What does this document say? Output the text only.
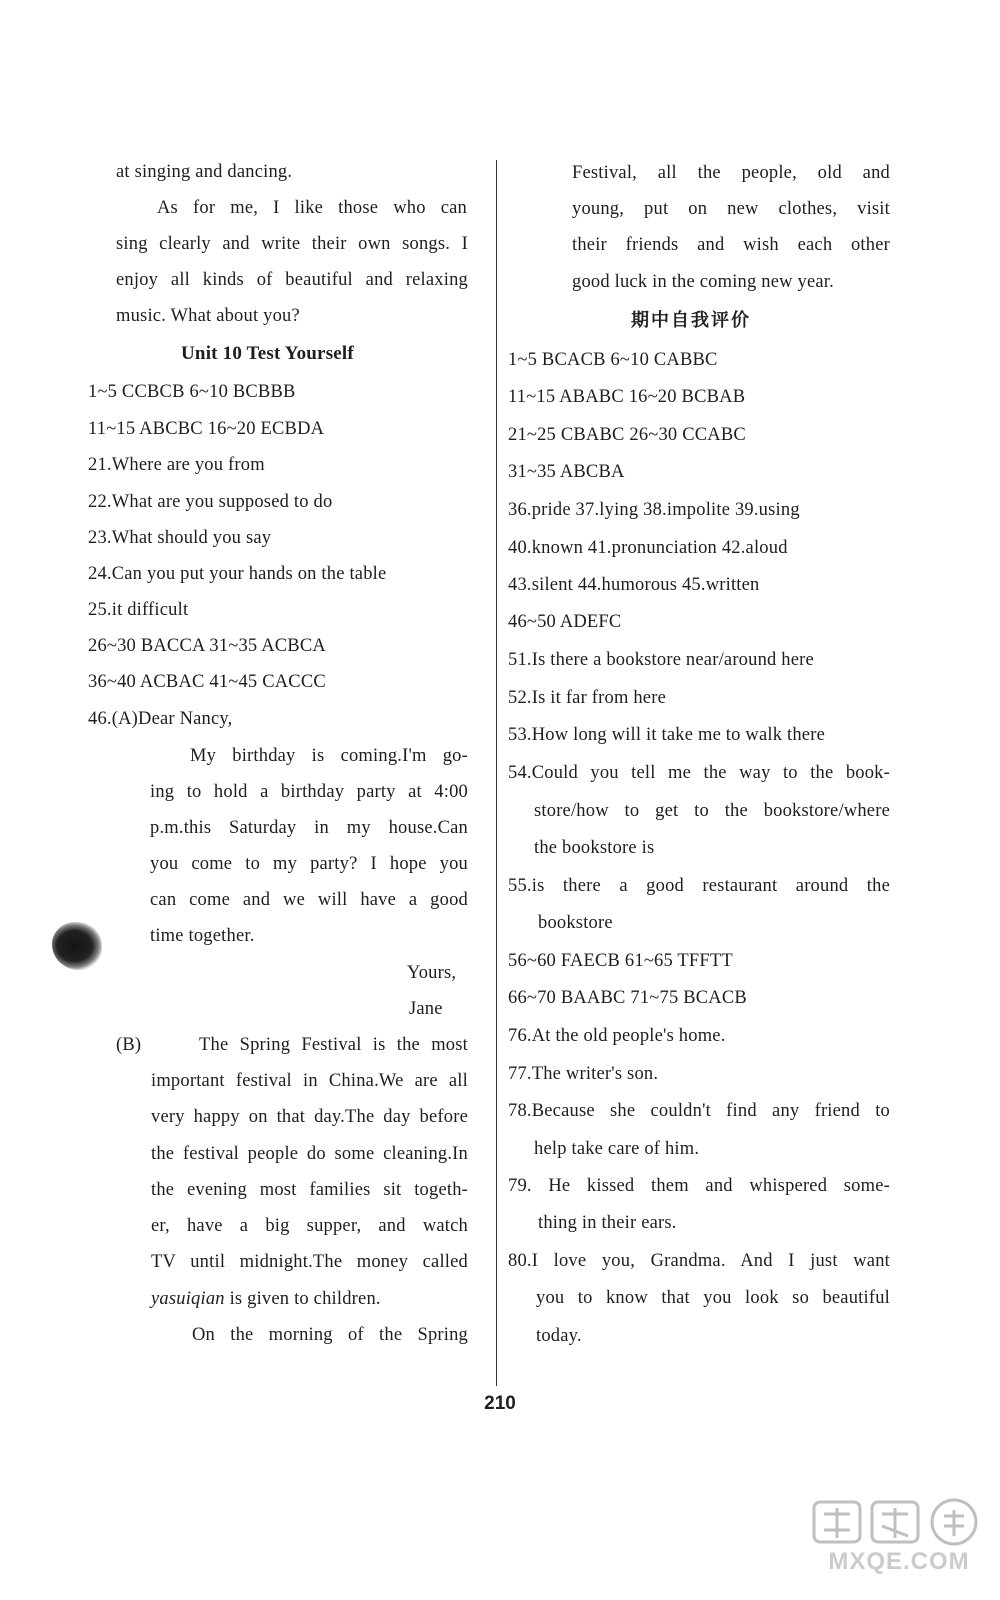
at singing and dancing.
As for me, I like those who can
sing clearly and write their own songs. I
enjoy all kinds of beautiful and relaxing
music. What about you?
Unit 10 Test Yourself
1~5 CCBCB 6~10 BCBBB
11~15 ABCBC 16~20 ECBDA
21.Where are you from
22.What are you supposed to do
23.What should you say
24.Can you put your hands on the table
25.it difficult
26~30 BACCA 31~35 ACBCA
36~40 ACBAC 41~45 CACCC
46.(A)Dear Nancy,
My birthday is coming.I'm go-
ing to hold a birthday party at 4:00
p.m.this Saturday in my house.Can
you come to my party? I hope you
can come and we will have a good
time together.
Yours,
Jane
(B)	The Spring Festival is the most
important festival in China.We are all
very happy on that day.The day before
the festival people do some cleaning.In
the evening most families sit togeth-
er, have a big supper, and watch
TV until midnight.The money called
yasuiqian is given to children.
On the morning of the Spring
Festival, all the people, old and
young, put on new clothes, visit
their friends and wish each other
good luck in the coming new year.
期中自我评价
1~5 BCACB 6~10 CABBC
11~15 ABABC 16~20 BCBAB
21~25 CBABC 26~30 CCABC
31~35 ABCBA
36.pride 37.lying 38.impolite 39.using
40.known 41.pronunciation 42.aloud
43.silent 44.humorous 45.written
46~50 ADEFC
51.Is there a bookstore near/around here
52.Is it far from here
53.How long will it take me to walk there
54.Could you tell me the way to the book-
store/how to get to the bookstore/where
the bookstore is
55.is there a good restaurant around the
bookstore
56~60 FAECB 61~65 TFFTT
66~70 BAABC 71~75 BCACB
76.At the old people's home.
77.The writer's son.
78.Because she couldn't find any friend to
help take care of him.
79. He kissed them and whispered some-
thing in their ears.
80.I love you, Grandma. And I just want
you to know that you look so beautiful
today.
210
MXQE.COM
